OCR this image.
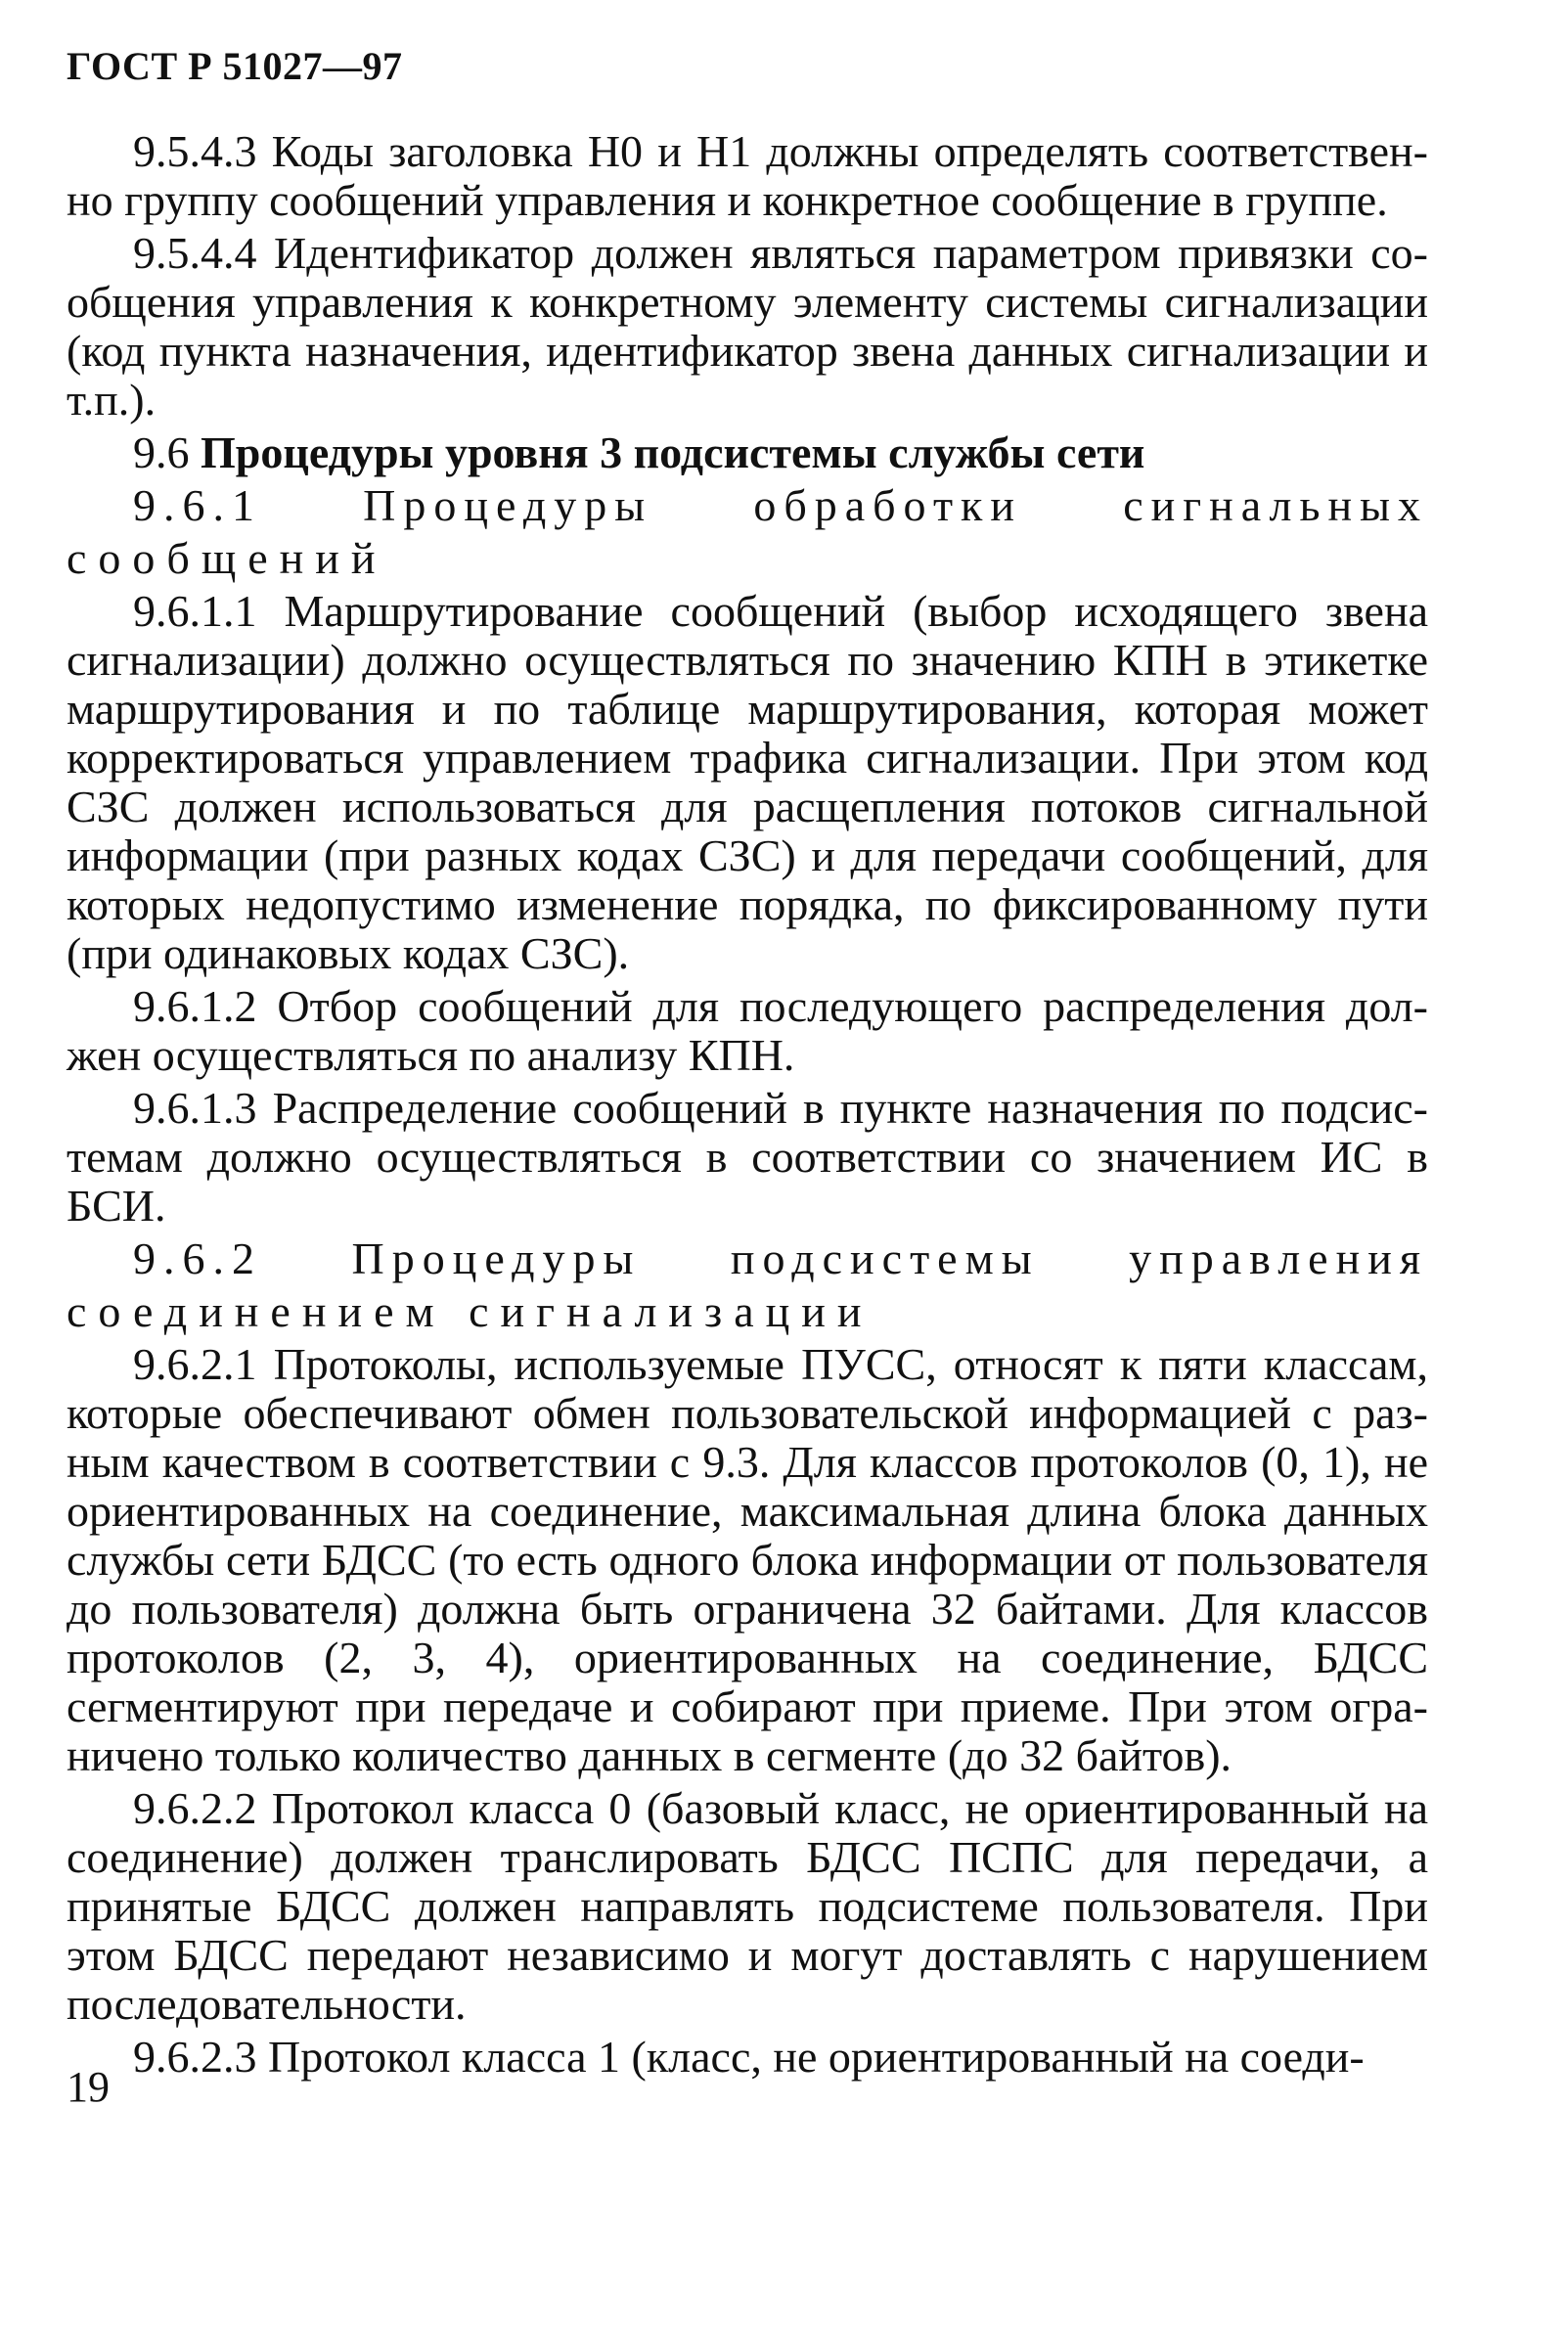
ГОСТ Р 51027—97

9.5.4.3 Коды заголовка Н0 и Н1 должны определять соответственно группу сообщений управления и конкретное сообщение в группе.

9.5.4.4 Идентификатор должен являться параметром привязки сообщения управления к конкретному элементу системы сигнализации (код пункта назначения, идентификатор звена данных сигнализации и т.п.).

9.6 Процедуры уровня 3 подсистемы службы сети

9.6.1 Процедуры обработки сигнальных

сообщений

9.6.1.1 Маршрутирование сообщений (выбор исходящего звена сигнализации) должно осуществляться по значению КПН в этикетке маршрутирования и по таблице маршрутирования, которая может корректироваться управлением трафика сигнализации. При этом код СЗС должен использоваться для расщепления потоков сигнальной информации (при разных кодах СЗС) и для передачи сообщений, для которых недопустимо изменение порядка, по фиксированному пути (при одинаковых кодах СЗС).

9.6.1.2 Отбор сообщений для последующего распределения должен осуществляться по анализу КПН.

9.6.1.3 Распределение сообщений в пункте назначения по подсистемам должно осуществляться в соответствии со значением ИС в БСИ.

9.6.2 Процедуры подсистемы управления

соединением сигнализации

9.6.2.1 Протоколы, используемые ПУСС, относят к пяти классам, которые обеспечивают обмен пользовательской информацией с разным качеством в соответствии с 9.3. Для классов протоколов (0, 1), не ориентированных на соединение, максимальная длина блока данных службы сети БДСС (то есть одного блока информации от пользователя до пользователя) должна быть ограничена 32 байтами. Для классов протоколов (2, 3, 4), ориентированных на соединение, БДСС сегментируют при передаче и собирают при приеме. При этом ограничено только количество данных в сегменте (до 32 байтов).

9.6.2.2 Протокол класса 0 (базовый класс, не ориентированный на соединение) должен транслировать БДСС ПСПС для передачи, а принятые БДСС должен направлять подсистеме пользователя. При этом БДСС передают независимо и могут доставлять с нарушением последовательности.

9.6.2.3 Протокол класса 1 (класс, не ориентированный на соеди-

19
